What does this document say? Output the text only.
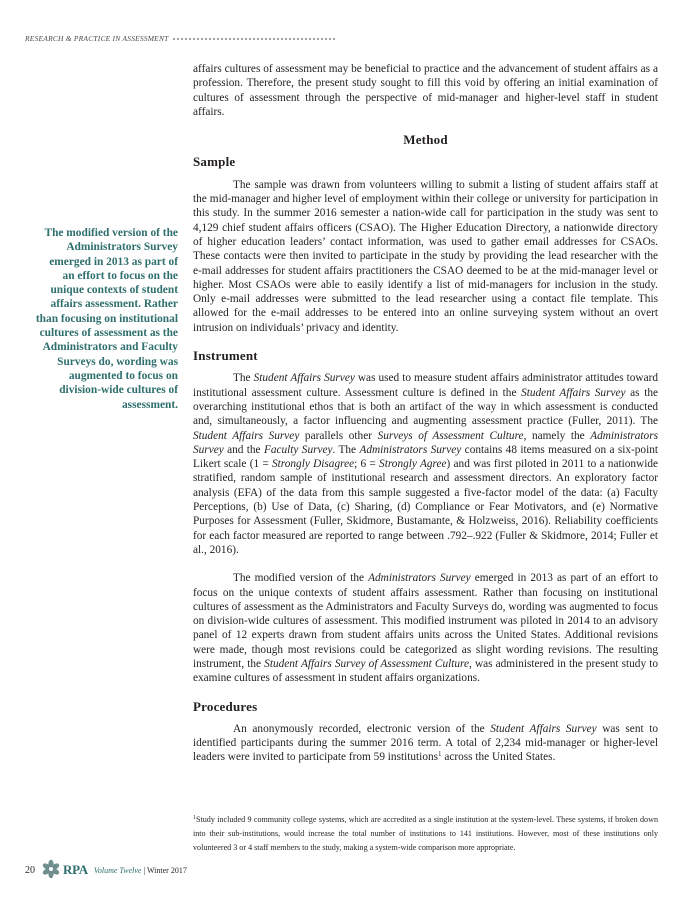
RESEARCH & PRACTICE IN ASSESSMENT
The modified version of the Administrators Survey emerged in 2013 as part of an effort to focus on the unique contexts of student affairs assessment. Rather than focusing on institutional cultures of assessment as the Administrators and Faculty Surveys do, wording was augmented to focus on division-wide cultures of assessment.

affairs cultures of assessment may be beneficial to practice and the advancement of student affairs as a profession. Therefore, the present study sought to fill this void by offering an initial examination of cultures of assessment through the perspective of mid-manager and higher-level staff in student affairs.

Method
Sample

The sample was drawn from volunteers willing to submit a listing of student affairs staff at the mid-manager and higher level of employment within their college or university for participation in this study. In the summer 2016 semester a nation-wide call for participation in the study was sent to 4,129 chief student affairs officers (CSAO). The Higher Education Directory, a nationwide directory of higher education leaders’ contact information, was used to gather email addresses for CSAOs. These contacts were then invited to participate in the study by providing the lead researcher with the e-mail addresses for student affairs practitioners the CSAO deemed to be at the mid-manager level or higher. Most CSAOs were able to easily identify a list of mid-managers for inclusion in the study. Only e-mail addresses were submitted to the lead researcher using a contact file template. This allowed for the e-mail addresses to be entered into an online surveying system without an overt intrusion on individuals’ privacy and identity.

Instrument

The Student Affairs Survey was used to measure student affairs administrator attitudes toward institutional assessment culture. Assessment culture is defined in the Student Affairs Survey as the overarching institutional ethos that is both an artifact of the way in which assessment is conducted and, simultaneously, a factor influencing and augmenting assessment practice (Fuller, 2011). The Student Affairs Survey parallels other Surveys of Assessment Culture, namely the Administrators Survey and the Faculty Survey. The Administrators Survey contains 48 items measured on a six-point Likert scale (1 = Strongly Disagree; 6 = Strongly Agree) and was first piloted in 2011 to a nationwide stratified, random sample of institutional research and assessment directors. An exploratory factor analysis (EFA) of the data from this sample suggested a five-factor model of the data: (a) Faculty Perceptions, (b) Use of Data, (c) Sharing, (d) Compliance or Fear Motivators, and (e) Normative Purposes for Assessment (Fuller, Skidmore, Bustamante, & Holzweiss, 2016). Reliability coefficients for each factor measured are reported to range between .792–.922 (Fuller & Skidmore, 2014; Fuller et al., 2016).

The modified version of the Administrators Survey emerged in 2013 as part of an effort to focus on the unique contexts of student affairs assessment. Rather than focusing on institutional cultures of assessment as the Administrators and Faculty Surveys do, wording was augmented to focus on division-wide cultures of assessment. This modified instrument was piloted in 2014 to an advisory panel of 12 experts drawn from student affairs units across the United States. Additional revisions were made, though most revisions could be categorized as slight wording revisions. The resulting instrument, the Student Affairs Survey of Assessment Culture, was administered in the present study to examine cultures of assessment in student affairs organizations.

Procedures

An anonymously recorded, electronic version of the Student Affairs Survey was sent to identified participants during the summer 2016 term. A total of 2,234 mid-manager or higher-level leaders were invited to participate from 59 institutions$^1$ across the United States.

$^1$Study included 9 community college systems, which are accredited as a single institution at the system-level. These systems, if broken down into their sub-institutions, would increase the total number of institutions to 141 institutions. However, most of these institutions only volunteered 3 or 4 staff members to the study, making a system-wide comparison more appropriate.
20 RPA Volume Twelve | Winter 2017
